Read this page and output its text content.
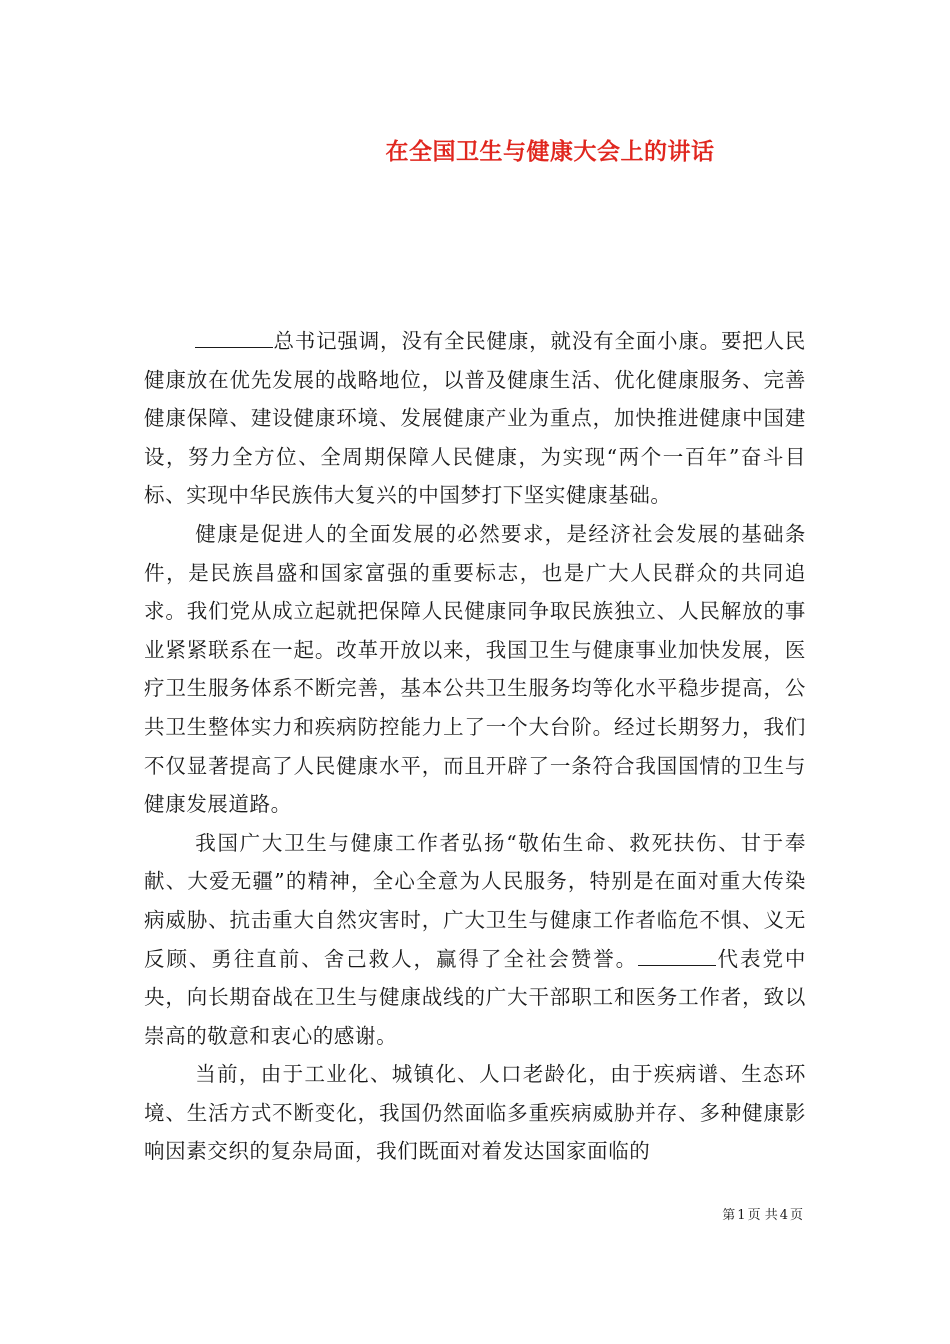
在全国卫生与健康大会上的讲话

总书记强调，没有全民健康，就没有全面小康。要把人民健康放在优先发展的战略地位，以普及健康生活、优化健康服务、完善健康保障、建设健康环境、发展健康产业为重点，加快推进健康中国建设，努力全方位、全周期保障人民健康，为实现“两个一百年”奋斗目标、实现中华民族伟大复兴的中国梦打下坚实健康基础。

健康是促进人的全面发展的必然要求，是经济社会发展的基础条件，是民族昌盛和国家富强的重要标志，也是广大人民群众的共同追求。我们党从成立起就把保障人民健康同争取民族独立、人民解放的事业紧紧联系在一起。改革开放以来，我国卫生与健康事业加快发展，医疗卫生服务体系不断完善，基本公共卫生服务均等化水平稳步提高，公共卫生整体实力和疾病防控能力上了一个大台阶。经过长期努力，我们不仅显著提高了人民健康水平，而且开辟了一条符合我国国情的卫生与健康发展道路。

我国广大卫生与健康工作者弘扬“敬佑生命、救死扶伤、甘于奉献、大爱无疆”的精神，全心全意为人民服务，特别是在面对重大传染病威胁、抗击重大自然灾害时，广大卫生与健康工作者临危不惧、义无反顾、勇往直前、舍己救人，赢得了全社会赞誉。	代表党中央，向长期奋战在卫生与健康战线的广大干部职工和医务工作者，致以崇高的敬意和衷心的感谢。

当前，由于工业化、城镇化、人口老龄化，由于疾病谱、生态环境、生活方式不断变化，我国仍然面临多重疾病威胁并存、多种健康影响因素交织的复杂局面，我们既面对着发达国家面临的

第 1 页 共 4 页
